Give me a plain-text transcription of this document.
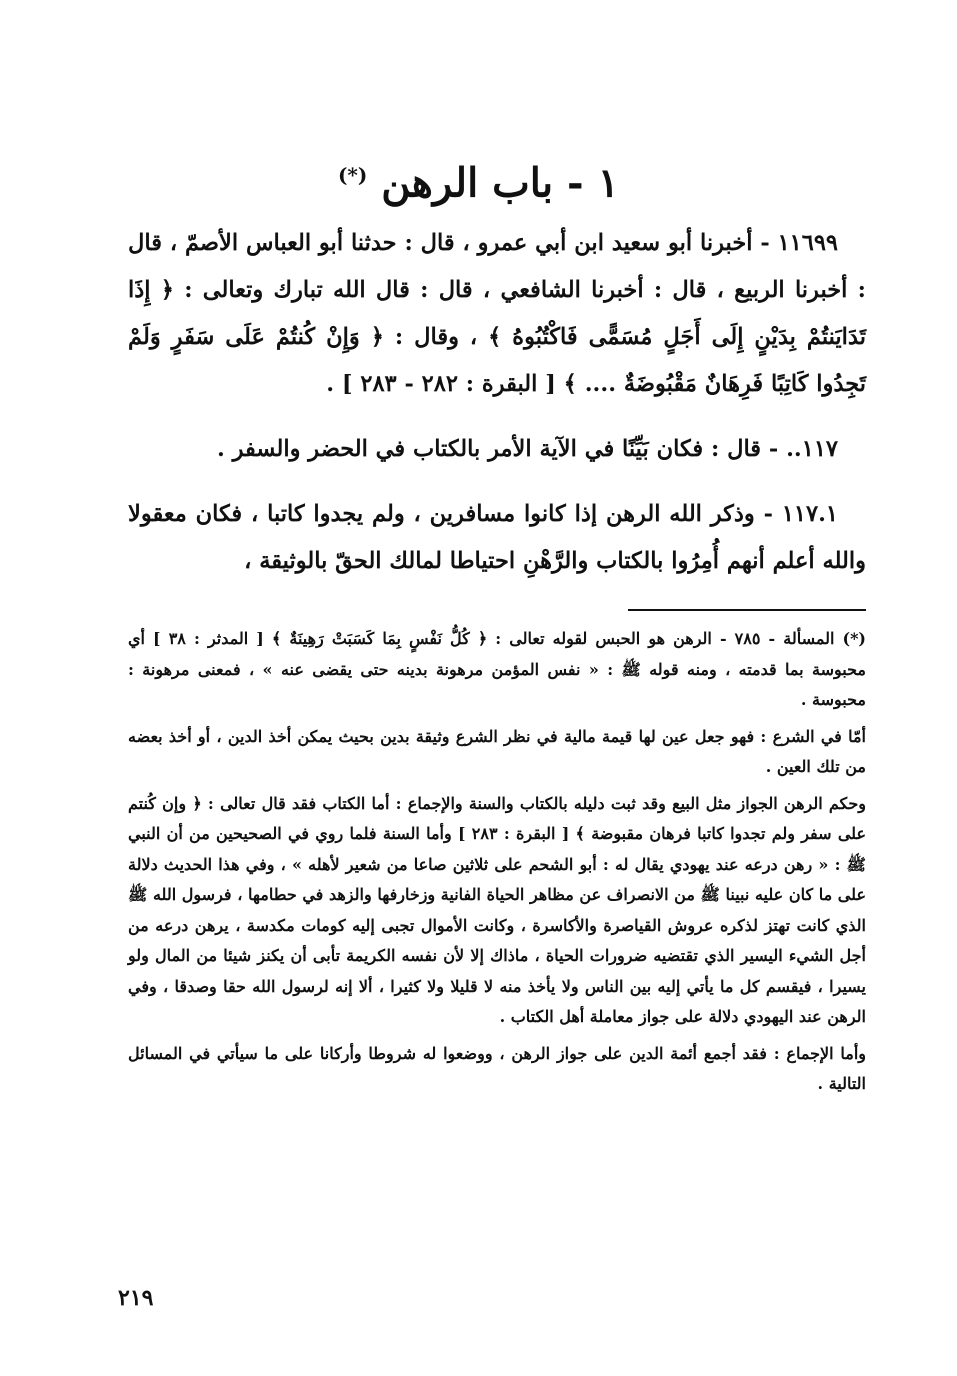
١ - باب الرهن (*)

١١٦٩٩ - أخبرنا أبو سعيد ابن أبي عمرو ، قال : حدثنا أبو العباس الأصمّ ، قال : أخبرنا الربيع ، قال : أخبرنا الشافعي ، قال : قال الله تبارك وتعالى : ﴿ إِذَا تَدَايَنتُمْ بِدَيْنٍ إِلَى أَجَلٍ مُسَمًّى فَاكْتُبُوهُ ﴾ ، وقال : ﴿ وَإِنْ كُنتُمْ عَلَى سَفَرٍ وَلَمْ تَجِدُوا كَاتِبًا فَرِهَانٌ مَقْبُوضَةٌ .... ﴾ [ البقرة : ٢٨٢ - ٢٨٣ ] .

١١٧.. - قال : فكان بَيِّنًا في الآية الأمر بالكتاب في الحضر والسفر .

١١٧.١ - وذكر الله الرهن إذا كانوا مسافرين ، ولم يجدوا كاتبا ، فكان معقولا والله أعلم أنهم أُمِرُوا بالكتاب والرَّهْنِ احتياطا لمالك الحقّ بالوثيقة ،

(*) المسألة - ٧٨٥ - الرهن هو الحبس لقوله تعالى : ﴿ كُلُّ نَفْسٍ بِمَا كَسَبَتْ رَهِينَةٌ ﴾ [ المدثر : ٣٨ ] أي محبوسة بما قدمته ، ومنه قوله ﷺ : « نفس المؤمن مرهونة بدينه حتى يقضى عنه » ، فمعنى مرهونة : محبوسة .

أمّا في الشرع : فهو جعل عين لها قيمة مالية في نظر الشرع وثيقة بدين بحيث يمكن أخذ الدين ، أو أخذ بعضه من تلك العين .

وحكم الرهن الجواز مثل البيع وقد ثبت دليله بالكتاب والسنة والإجماع : أما الكتاب فقد قال تعالى : ﴿ وإن كُنتم على سفر ولم تجدوا كاتبا فرهان مقبوضة ﴾ [ البقرة : ٢٨٣ ] وأما السنة فلما روي في الصحيحين من أن النبي ﷺ : « رهن درعه عند يهودي يقال له : أبو الشحم على ثلاثين صاعا من شعير لأهله » ، وفي هذا الحديث دلالة على ما كان عليه نبينا ﷺ من الانصراف عن مظاهر الحياة الفانية وزخارفها والزهد في حطامها ، فرسول الله ﷺ الذي كانت تهتز لذكره عروش القياصرة والأكاسرة ، وكانت الأموال تجبى إليه كومات مكدسة ، يرهن درعه من أجل الشيء اليسير الذي تقتضيه ضرورات الحياة ، ماذاك إلا لأن نفسه الكريمة تأبى أن يكنز شيئا من المال ولو يسيرا ، فيقسم كل ما يأتي إليه بين الناس ولا يأخذ منه لا قليلا ولا كثيرا ، ألا إنه لرسول الله حقا وصدقا ، وفي الرهن عند اليهودي دلالة على جواز معاملة أهل الكتاب .

وأما الإجماع : فقد أجمع أئمة الدين على جواز الرهن ، ووضعوا له شروطا وأركانا على ما سيأتي في المسائل التالية .

٢١٩
